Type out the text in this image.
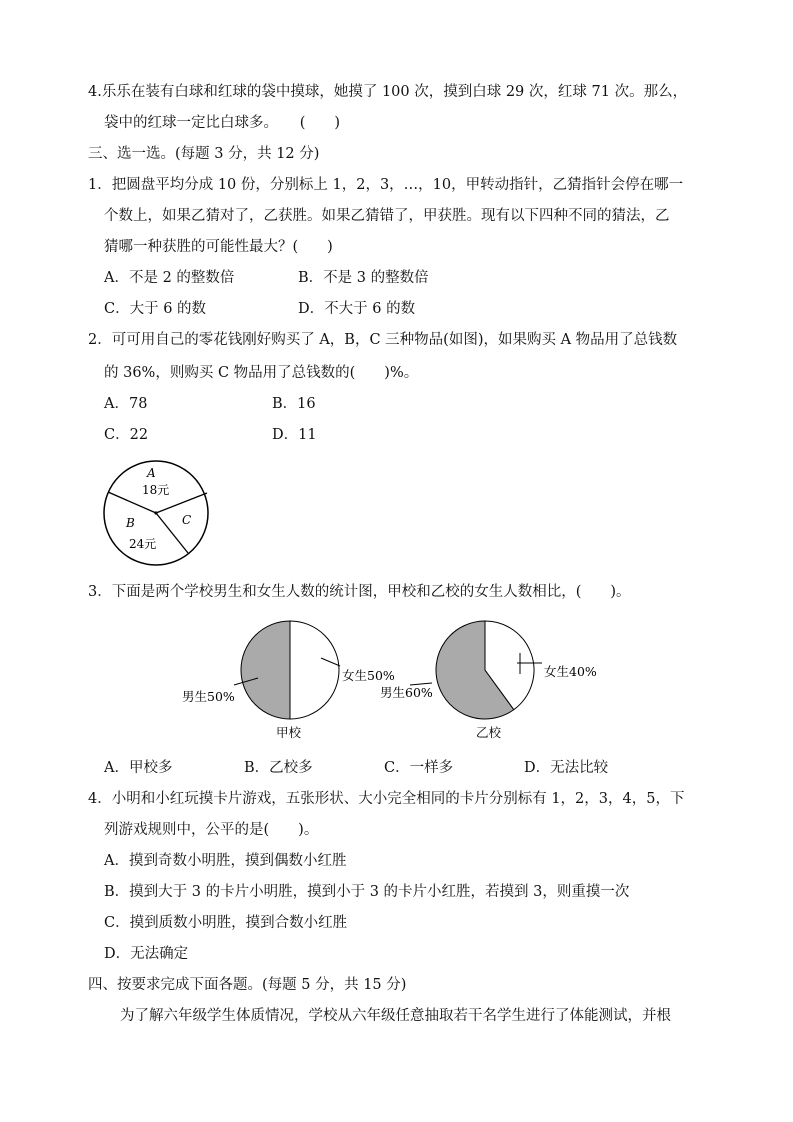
4.乐乐在装有白球和红球的袋中摸球，她摸了 100 次，摸到白球 29 次，红球 71 次。那么，
袋中的红球一定比白球多。　　(　　)
三、选一选。(每题 3 分，共 12 分)
1．把圆盘平均分成 10 份，分别标上 1，2，3，…，10，甲转动指针，乙猜指针会停在哪一
个数上，如果乙猜对了，乙获胜。如果乙猜错了，甲获胜。现有以下四种不同的猜法，乙
猜哪一种获胜的可能性最大？(　　)
A．不是 2 的整数倍	B．不是 3 的整数倍
C．大于 6 的数	D．不大于 6 的数
2．可可用自己的零花钱刚好购买了 A，B，C 三种物品(如图)，如果购买 A 物品用了总钱数
的 36%，则购买 C 物品用了总钱数的(　　)%。
A．78	B．16
C．22	D．11
A
18元
B
24元
C
3．下面是两个学校男生和女生人数的统计图，甲校和乙校的女生人数相比，(　　)。
女生50%
男生50%
甲校
女生40%
男生60%
乙校
A．甲校多	B．乙校多	C．一样多	D．无法比较
4．小明和小红玩摸卡片游戏，五张形状、大小完全相同的卡片分别标有 1，2，3，4，5，下
列游戏规则中，公平的是(　　)。
A．摸到奇数小明胜，摸到偶数小红胜
B．摸到大于 3 的卡片小明胜，摸到小于 3 的卡片小红胜，若摸到 3，则重摸一次
C．摸到质数小明胜，摸到合数小红胜
D．无法确定
四、按要求完成下面各题。(每题 5 分，共 15 分)
为了解六年级学生体质情况，学校从六年级任意抽取若干名学生进行了体能测试，并根
